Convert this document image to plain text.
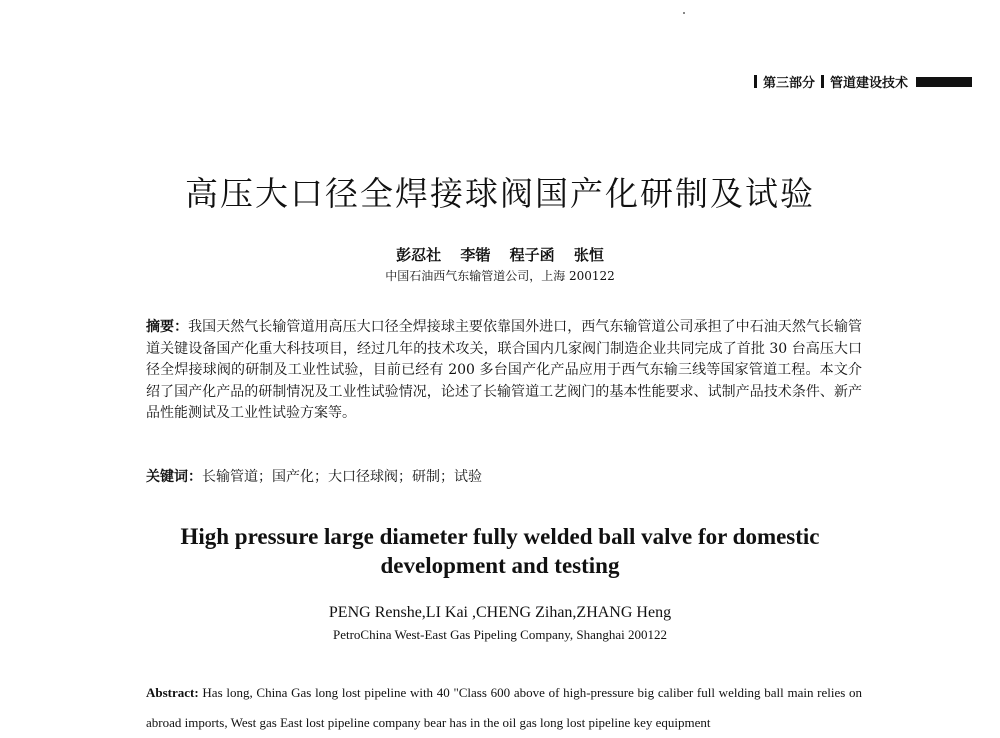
第三部分 管道建设技术
高压大口径全焊接球阀国产化研制及试验
彭忍社 李锴 程子函 张恒
中国石油西气东输管道公司，上海 200122
摘要：我国天然气长输管道用高压大口径全焊接球主要依靠国外进口，西气东输管道公司承担了中石油天然气长输管道关键设备国产化重大科技项目，经过几年的技术攻关，联合国内几家阀门制造企业共同完成了首批 30 台高压大口径全焊接球阀的研制及工业性试验，目前已经有 200 多台国产化产品应用于西气东输三线等国家管道工程。本文介绍了国产化产品的研制情况及工业性试验情况，论述了长输管道工艺阀门的基本性能要求、试制产品技术条件、新产品性能测试及工业性试验方案等。
关键词：长输管道；国产化；大口径球阀；研制；试验
High pressure large diameter fully welded ball valve for domestic development and testing
PENG Renshe,LI Kai ,CHENG Zihan,ZHANG Heng
PetroChina West-East Gas Pipeling Company, Shanghai 200122
Abstract: Has long, China Gas long lost pipeline with 40 "Class 600 above of high-pressure big caliber full welding ball main relies on abroad imports, West gas East lost pipeline company bear has in the oil gas long lost pipeline key equipment
